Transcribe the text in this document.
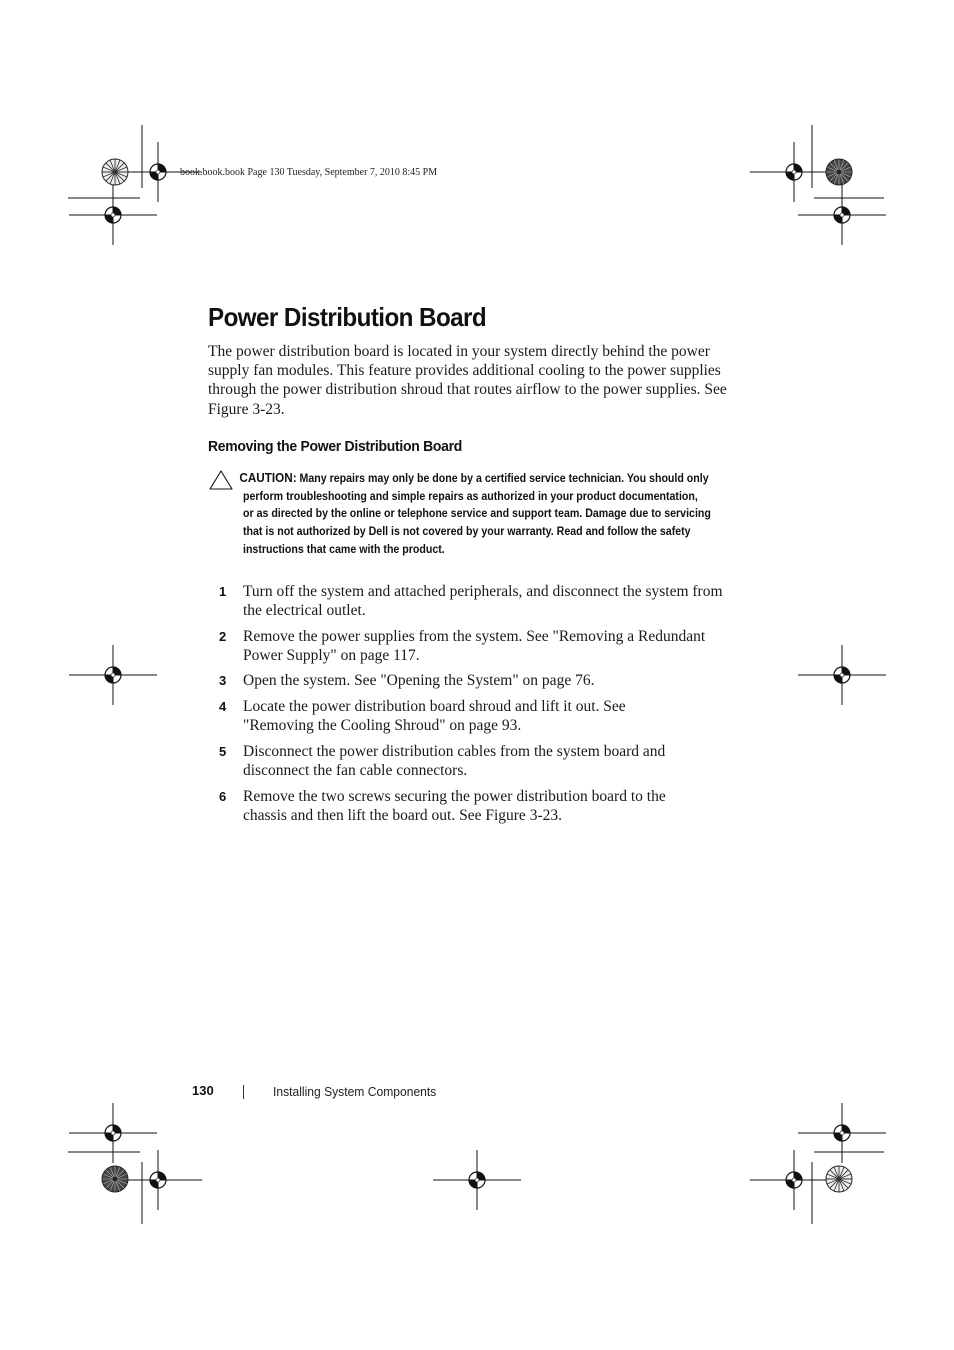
book.book.book Page 130 Tuesday, September 7, 2010 8:45 PM
Power Distribution Board

The power distribution board is located in your system directly behind the power supply fan modules. This feature provides additional cooling to the power supplies through the power distribution shroud that routes airflow to the power supplies. See Figure 3-23.

Removing the Power Distribution Board

CAUTION: Many repairs may only be done by a certified service technician. You should only perform troubleshooting and simple repairs as authorized in your product documentation, or as directed by the online or telephone service and support team. Damage due to servicing that is not authorized by Dell is not covered by your warranty. Read and follow the safety instructions that came with the product.

1 Turn off the system and attached peripherals, and disconnect the system from the electrical outlet.
2 Remove the power supplies from the system. See "Removing a Redundant Power Supply" on page 117.
3 Open the system. See "Opening the System" on page 76.
4 Locate the power distribution board shroud and lift it out. See "Removing the Cooling Shroud" on page 93.
5 Disconnect the power distribution cables from the system board and disconnect the fan cable connectors.
6 Remove the two screws securing the power distribution board to the chassis and then lift the board out. See Figure 3-23.
130	Installing System Components
